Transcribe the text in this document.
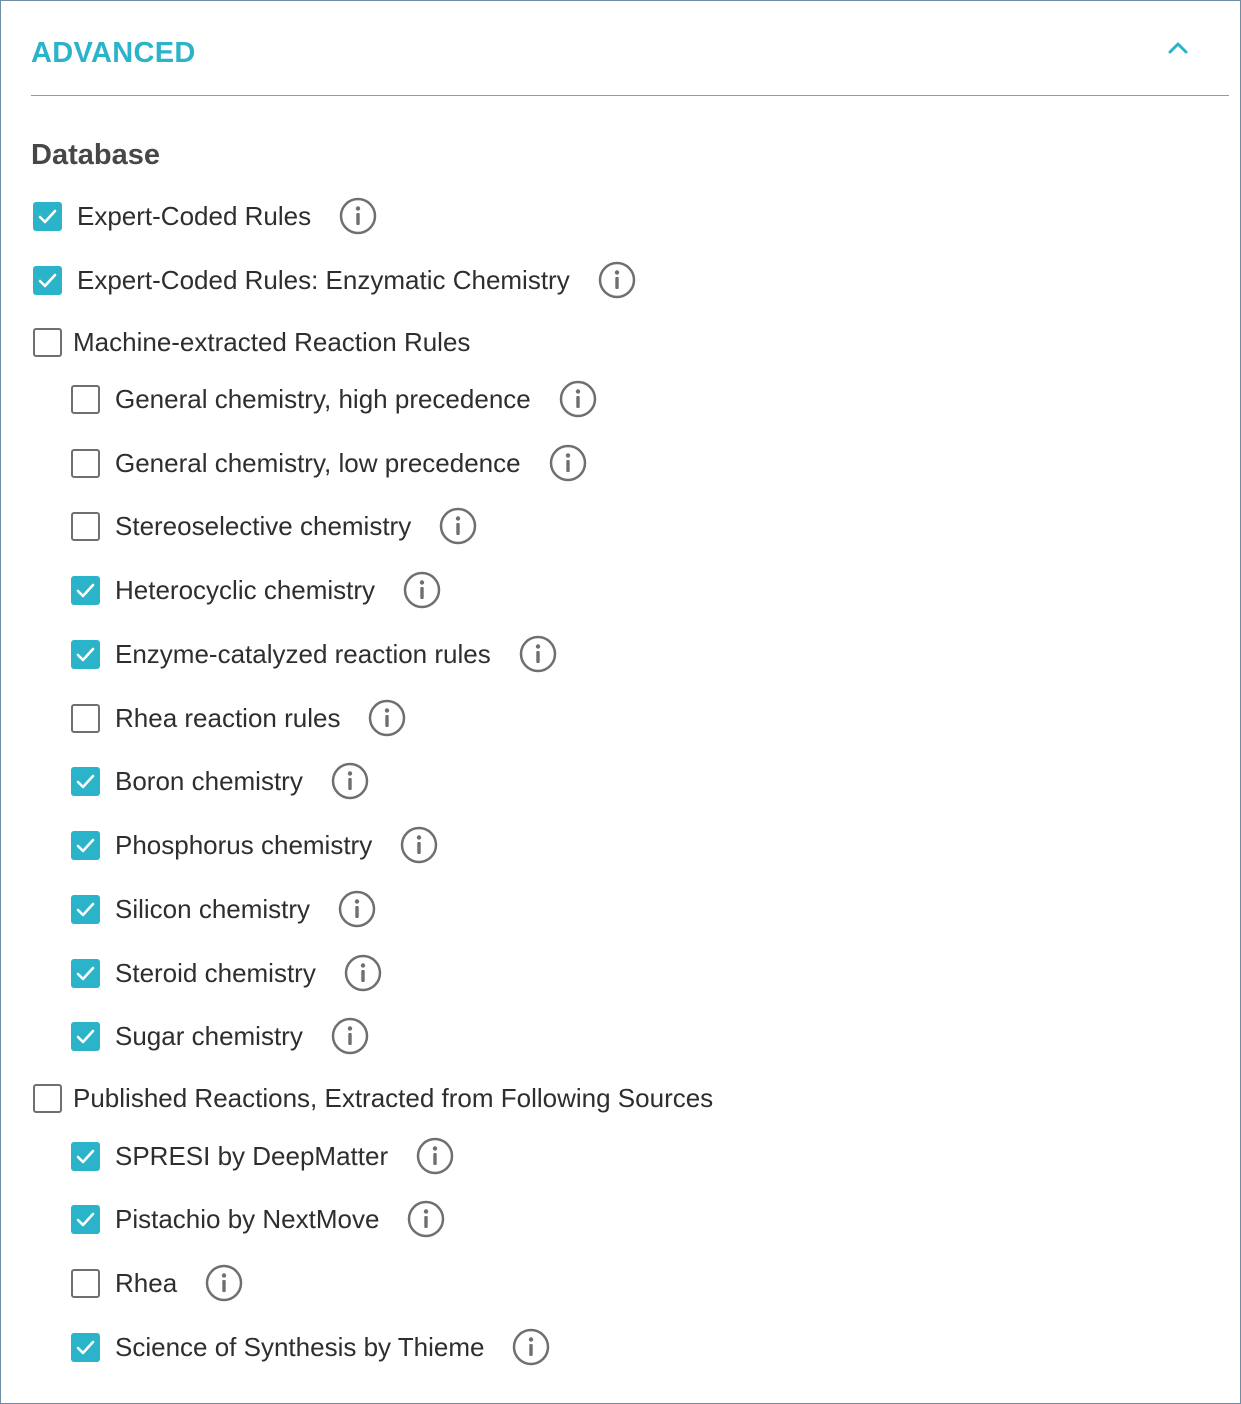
ADVANCED
Database
Expert-Coded Rules
Expert-Coded Rules: Enzymatic Chemistry
Machine-extracted Reaction Rules
General chemistry, high precedence
General chemistry, low precedence
Stereoselective chemistry
Heterocyclic chemistry
Enzyme-catalyzed reaction rules
Rhea reaction rules
Boron chemistry
Phosphorus chemistry
Silicon chemistry
Steroid chemistry
Sugar chemistry
Published Reactions, Extracted from Following Sources
SPRESI by DeepMatter
Pistachio by NextMove
Rhea
Science of Synthesis by Thieme
